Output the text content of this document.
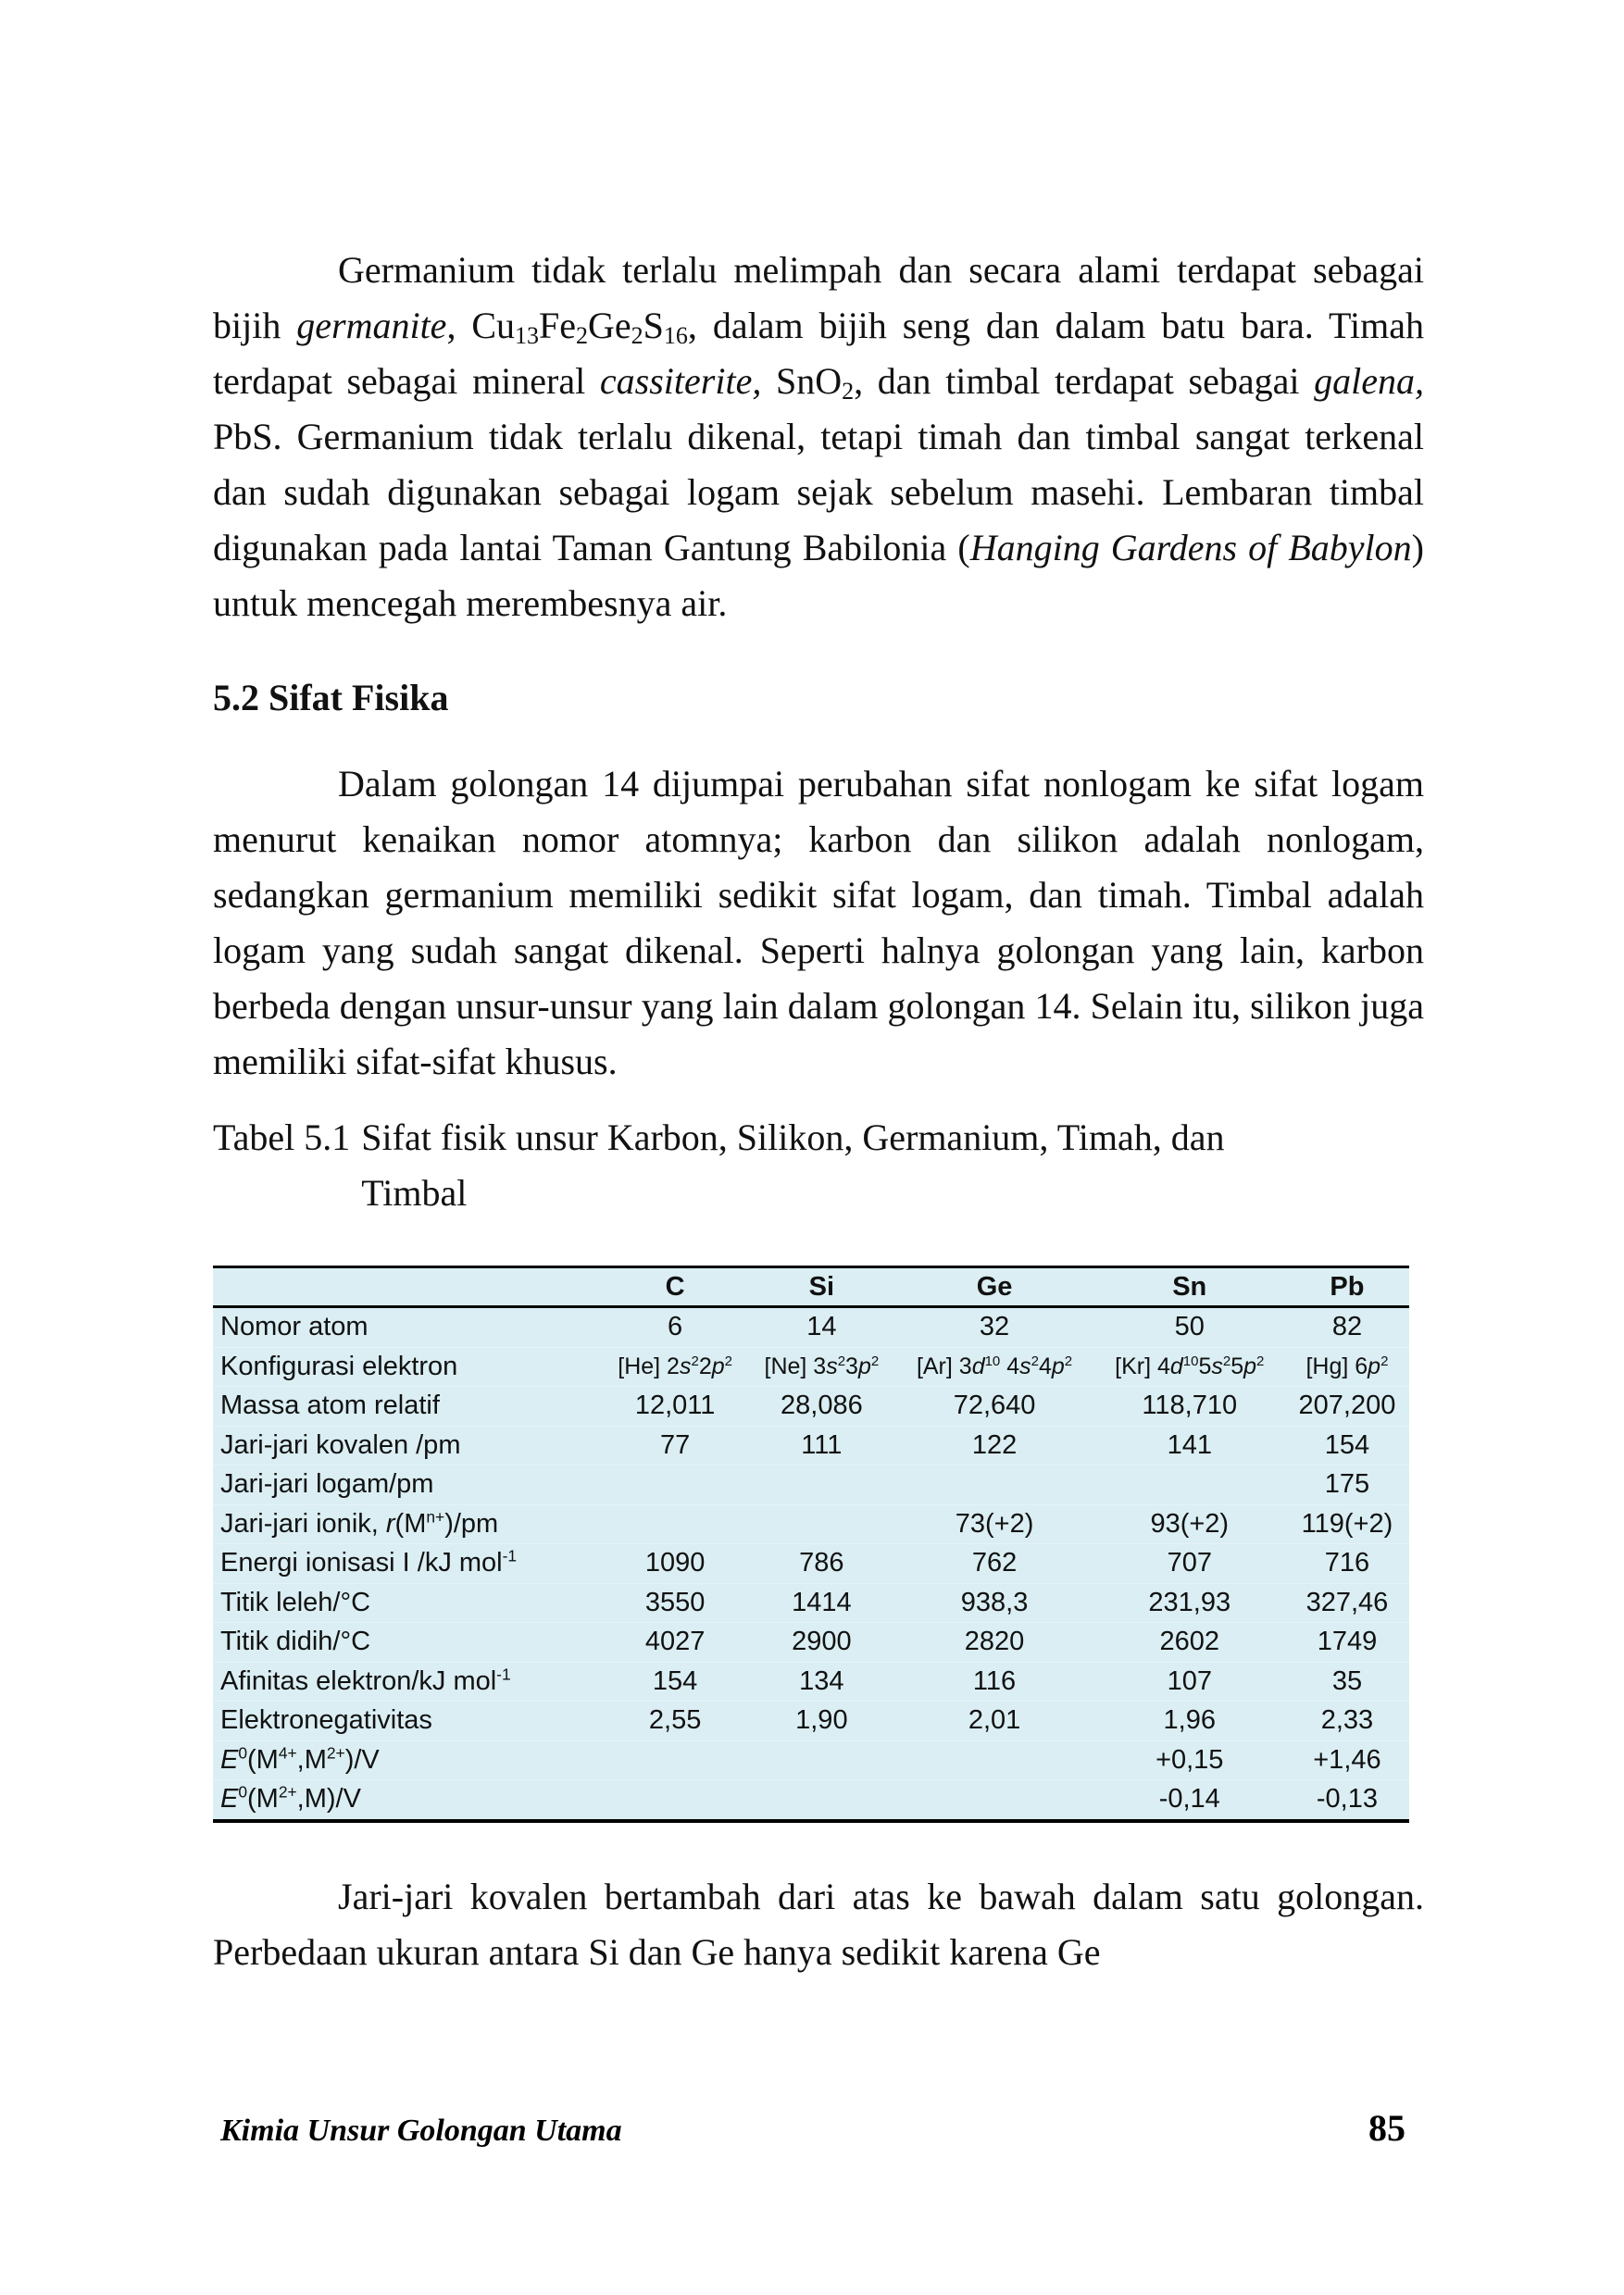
Germanium tidak terlalu melimpah dan secara alami terdapat sebagai bijih germanite, $Cu_{13}Fe_2Ge_2S_{16}$, dalam bijih seng dan dalam batu bara. Timah terdapat sebagai mineral cassiterite, SnO$_2$, dan timbal terdapat sebagai galena, PbS. Germanium tidak terlalu dikenal, tetapi timah dan timbal sangat terkenal dan sudah digunakan sebagai logam sejak sebelum masehi. Lembaran timbal digunakan pada lantai Taman Gantung Babilonia (Hanging Gardens of Babylon) untuk mencegah merembesnya air.

5.2 Sifat Fisika

Dalam golongan 14 dijumpai perubahan sifat nonlogam ke sifat logam menurut kenaikan nomor atomnya; karbon dan silikon adalah nonlogam, sedangkan germanium memiliki sedikit sifat logam, dan timah. Timbal adalah logam yang sudah sangat dikenal. Seperti halnya golongan yang lain, karbon berbeda dengan unsur-unsur yang lain dalam golongan 14. Selain itu, silikon juga memiliki sifat-sifat khusus.

Tabel 5.1 Sifat fisik unsur Karbon, Silikon, Germanium, Timah, dan Timbal
	C	Si	Ge	Sn	Pb
Nomor atom	6	14	32	50	82
Konfigurasi elektron	[He] $2s^22p^2$	[Ne] $3s^23p^2$	[Ar] $3d^{10}$ $4s^24p^2$	[Kr] $4d^{10}5s^25p^2$	[Hg] $6p^2$
Massa atom relatif	12,011	28,086	72,640	118,710	207,200
Jari-jari kovalen /pm	77	111	122	141	154
Jari-jari logam/pm					175
Jari-jari ionik, $r(M^{n+})/pm$			73(+2)	93(+2)	119(+2)
Energi ionisasi I /kJ mol$^{-1}$	1090	786	762	707	716
Titik leleh/°C	3550	1414	938,3	231,93	327,46
Titik didih/°C	4027	2900	2820	2602	1749
Afinitas elektron/kJ mol$^{-1}$	154	134	116	107	35
Elektronegativitas	2,55	1,90	2,01	1,96	2,33
$E^0(M^{4+},M^{2+})/V$				+0,15	+1,46
$E^0(M^{2+},M)/V$				-0,14	-0,13

Jari-jari kovalen bertambah dari atas ke bawah dalam satu golongan. Perbedaan ukuran antara Si dan Ge hanya sedikit karena Ge

Kimia Unsur Golongan Utama	85
